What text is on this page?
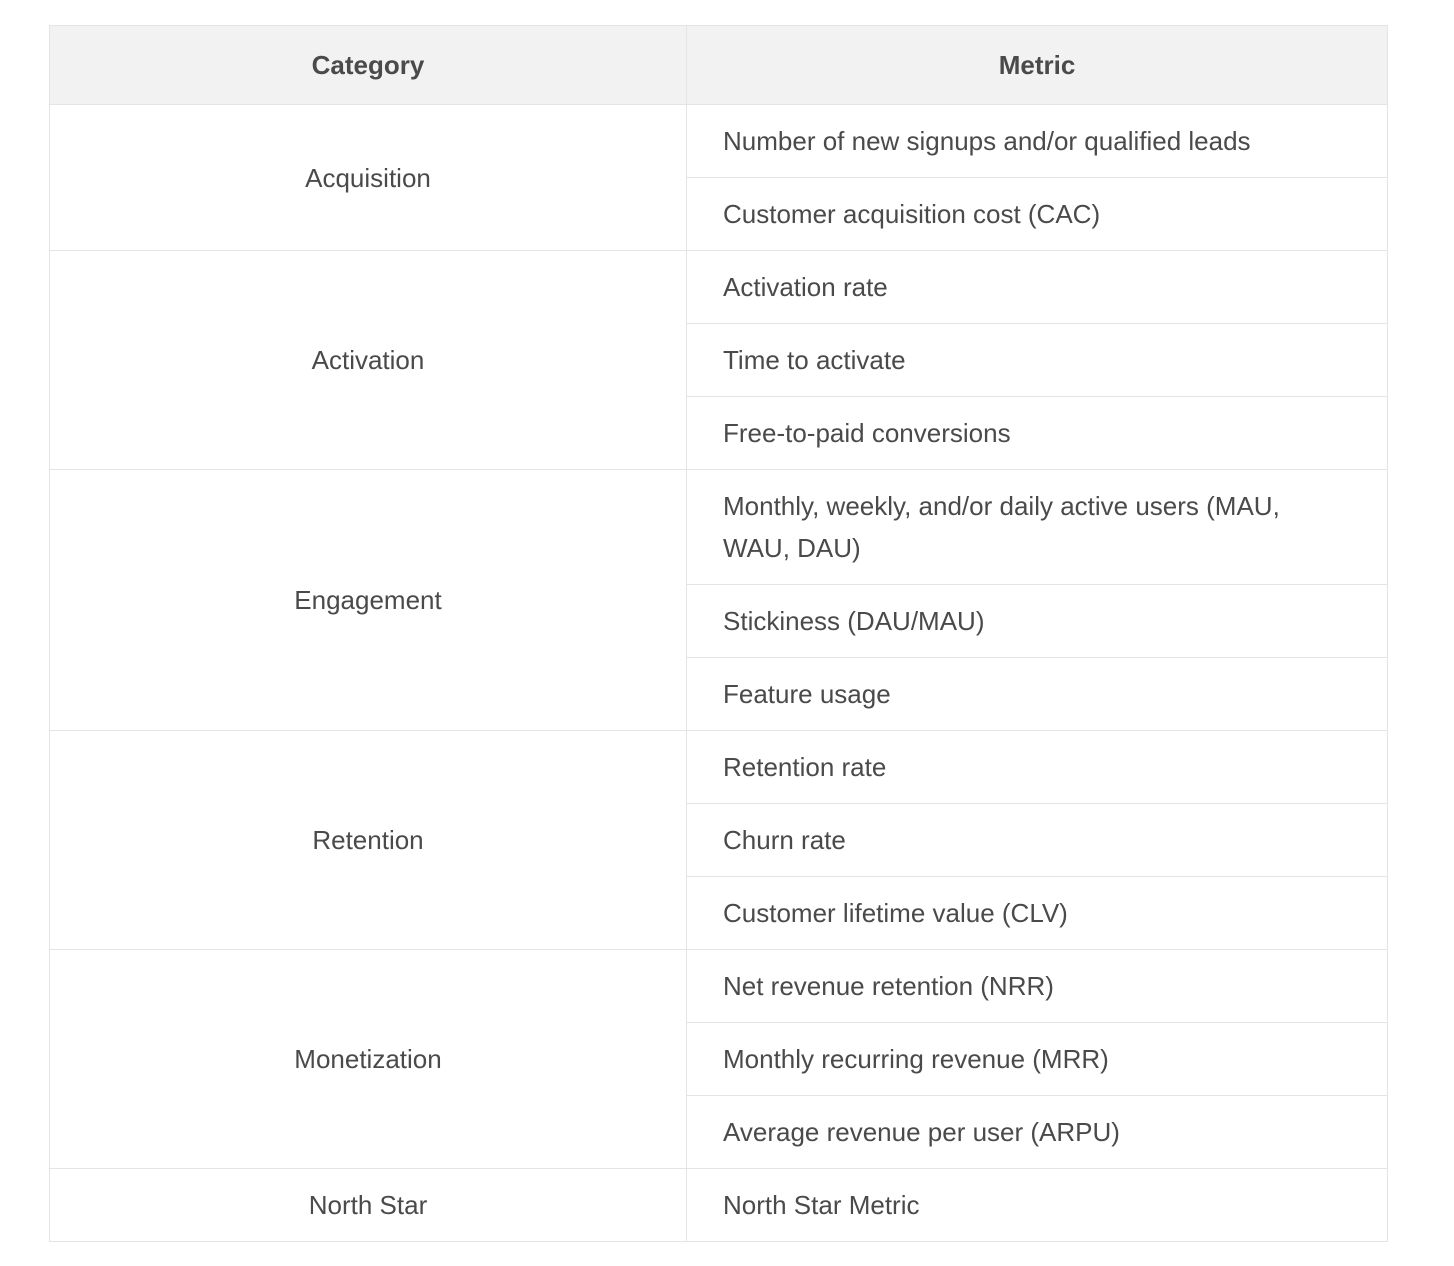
Category	Metric
Acquisition	Number of new signups and/or qualified leads
	Customer acquisition cost (CAC)
Activation	Activation rate
	Time to activate
	Free-to-paid conversions
Engagement	Monthly, weekly, and/or daily active users (MAU, WAU, DAU)
	Stickiness (DAU/MAU)
	Feature usage
Retention	Retention rate
	Churn rate
	Customer lifetime value (CLV)
Monetization	Net revenue retention (NRR)
	Monthly recurring revenue (MRR)
	Average revenue per user (ARPU)
North Star	North Star Metric
